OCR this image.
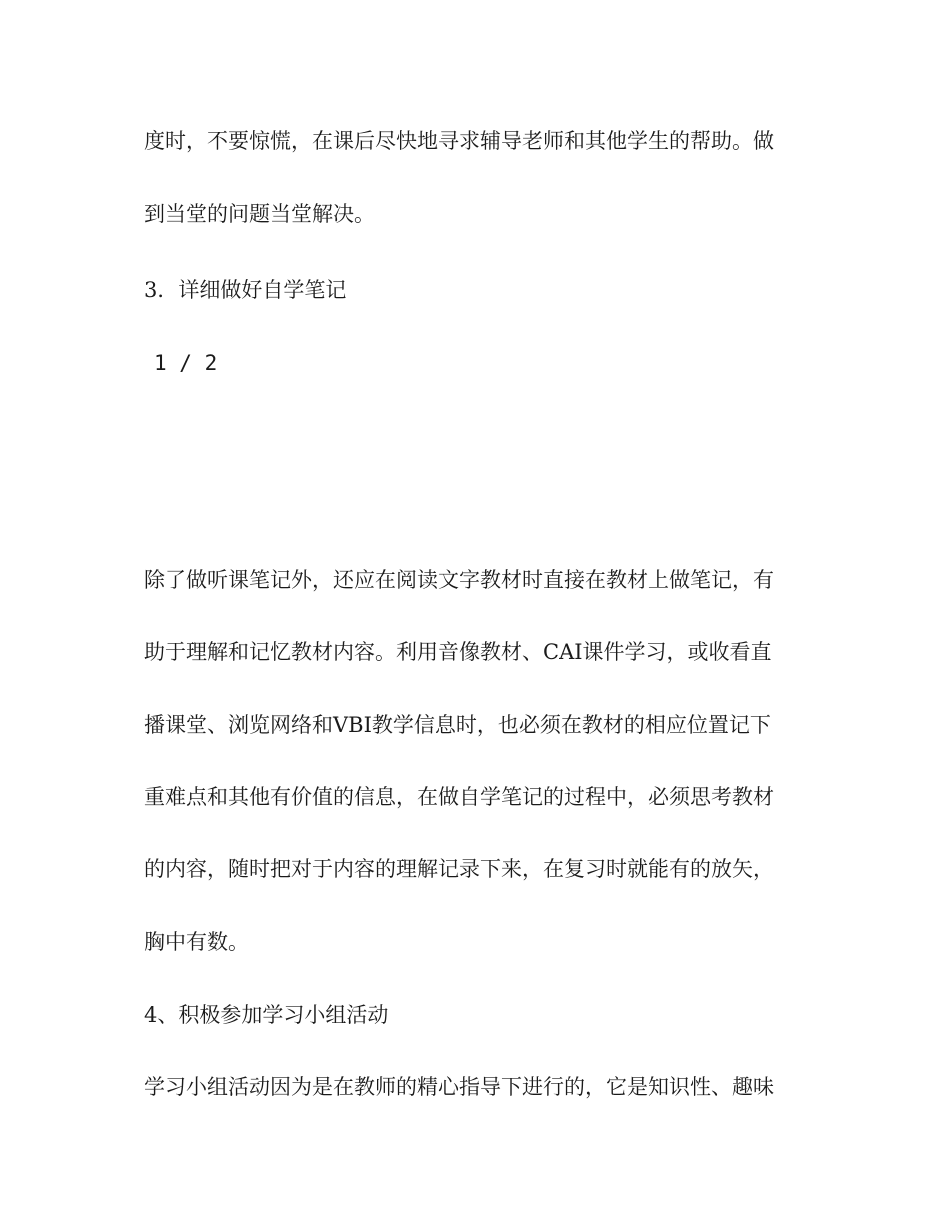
度时，不要惊慌，在课后尽快地寻求辅导老师和其他学生的帮助。做
到当堂的问题当堂解决。
3．详细做好自学笔记
1 / 2
除了做听课笔记外，还应在阅读文字教材时直接在教材上做笔记，有
助于理解和记忆教材内容。利用音像教材、CAI课件学习，或收看直
播课堂、浏览网络和VBI教学信息时，也必须在教材的相应位置记下
重难点和其他有价值的信息，在做自学笔记的过程中，必须思考教材
的内容，随时把对于内容的理解记录下来，在复习时就能有的放矢，
胸中有数。
4、积极参加学习小组活动
学习小组活动因为是在教师的精心指导下进行的，它是知识性、趣味
